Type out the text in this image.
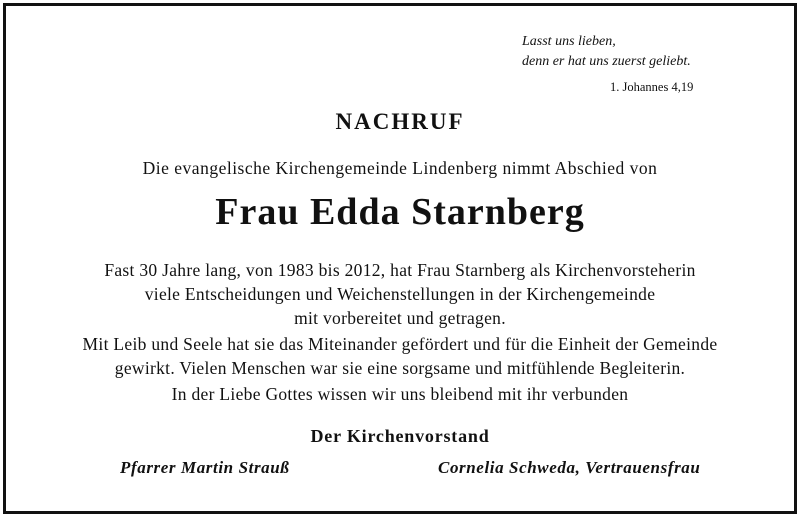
Lasst uns lieben,
denn er hat uns zuerst geliebt.
1. Johannes 4,19
NACHRUF
Die evangelische Kirchengemeinde Lindenberg nimmt Abschied von
Frau Edda Starnberg
Fast 30 Jahre lang, von 1983 bis 2012, hat Frau Starnberg als Kirchenvorsteherin
viele Entscheidungen und Weichenstellungen in der Kirchengemeinde
mit vorbereitet und getragen.
Mit Leib und Seele hat sie das Miteinander gefördert und für die Einheit der Gemeinde
gewirkt. Vielen Menschen war sie eine sorgsame und mitfühlende Begleiterin.
In der Liebe Gottes wissen wir uns bleibend mit ihr verbunden
Der Kirchenvorstand
Pfarrer Martin Strauß	Cornelia Schweda, Vertrauensfrau
